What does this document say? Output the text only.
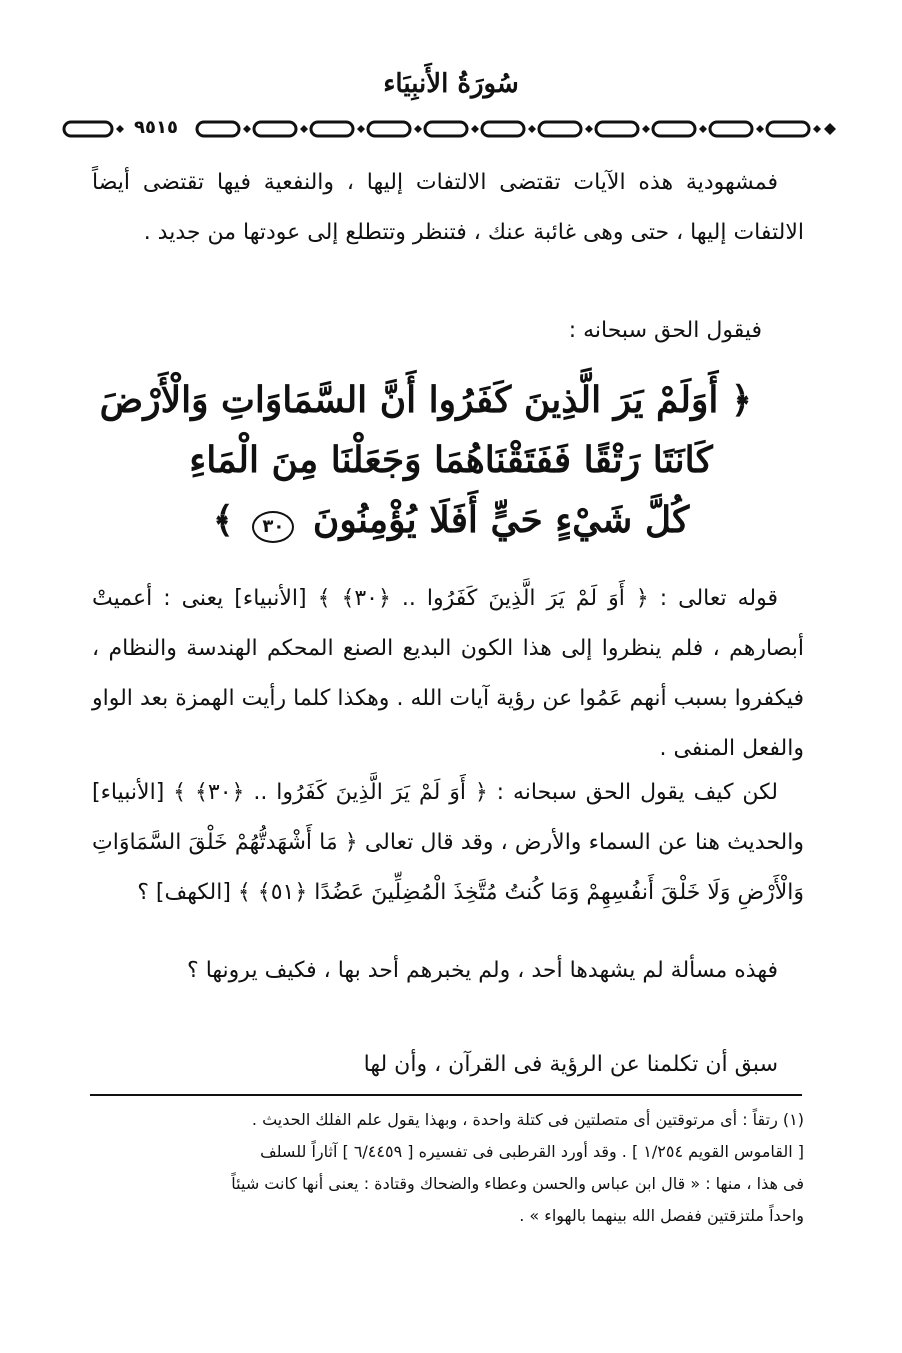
سُورَةُ الأَنبِيَاء
٩٥١٥
فمشهودية هذه الآيات تقتضى الالتفات إليها ، والنفعية فيها تقتضى أيضاً الالتفات إليها ، حتى وهى غائبة عنك ، فتنظر وتتطلع إلى عودتها من جديد .
فيقول الحق سبحانه :
﴿ أَوَلَمْ يَرَ الَّذِينَ كَفَرُوا أَنَّ السَّمَاوَاتِ وَالْأَرْضَ
كَانَتَا رَتْقًا فَفَتَقْنَاهُمَا وَجَعَلْنَا مِنَ الْمَاءِ
كُلَّ شَيْءٍ حَيٍّ أَفَلَا يُؤْمِنُونَ ٣٠ ﴾
قوله تعالى : ﴿ أَوَ لَمْ يَرَ الَّذِينَ كَفَرُوا .. ﴿٣٠﴾ ﴾ [الأنبياء] يعنى : أعميتْ أبصارهم ، فلم ينظروا إلى هذا الكون البديع الصنع المحكم الهندسة والنظام ، فيكفروا بسبب أنهم عَمُوا عن رؤية آيات الله . وهكذا كلما رأيت الهمزة بعد الواو والفعل المنفى .
لكن كيف يقول الحق سبحانه : ﴿ أَوَ لَمْ يَرَ الَّذِينَ كَفَرُوا .. ﴿٣٠﴾ ﴾ [الأنبياء] والحديث هنا عن السماء والأرض ، وقد قال تعالى ﴿ مَا أَشْهَدتُّهُمْ خَلْقَ السَّمَاوَاتِ وَالْأَرْضِ وَلَا خَلْقَ أَنفُسِهِمْ وَمَا كُنتُ مُتَّخِذَ الْمُضِلِّينَ عَضُدًا ﴿٥١﴾ ﴾ [الكهف] ؟
فهذه مسألة لم يشهدها أحد ، ولم يخبرهم أحد بها ، فكيف يرونها ؟
سبق أن تكلمنا عن الرؤية فى القرآن ، وأن لها
(١) رتقاً : أى مرتوقتين أى متصلتين فى كتلة واحدة ، وبهذا يقول علم الفلك الحديث .
[ القاموس القويم ١/٢٥٤ ] . وقد أورد القرطبى فى تفسيره [ ٦/٤٤٥٩ ] آثاراً للسلف
فى هذا ، منها : « قال ابن عباس والحسن وعطاء والضحاك وقتادة : يعنى أنها كانت شيئاً
واحداً ملتزقتين ففصل الله بينهما بالهواء » .
